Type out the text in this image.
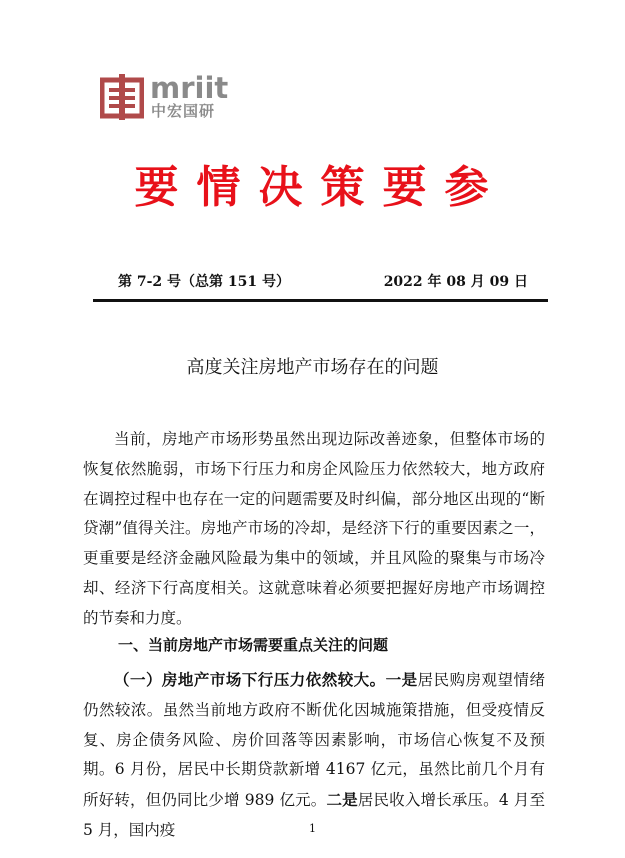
mriit
中宏国研
要情决策要参
第 7-2 号（总第 151 号）	2022 年 08 月 09 日
高度关注房地产市场存在的问题

当前，房地产市场形势虽然出现边际改善迹象，但整体市场的恢复依然脆弱，市场下行压力和房企风险压力依然较大，地方政府在调控过程中也存在一定的问题需要及时纠偏，部分地区出现的“断贷潮”值得关注。房地产市场的冷却，是经济下行的重要因素之一，更重要是经济金融风险最为集中的领域，并且风险的聚集与市场冷却、经济下行高度相关。这就意味着必须要把握好房地产市场调控的节奏和力度。

一、当前房地产市场需要重点关注的问题

（一）房地产市场下行压力依然较大。一是居民购房观望情绪仍然较浓。虽然当前地方政府不断优化因城施策措施，但受疫情反复、房企债务风险、房价回落等因素影响，市场信心恢复不及预期。6 月份，居民中长期贷款新增 4167 亿元，虽然比前几个月有所好转，但仍同比少增 989 亿元。二是居民收入增长承压。4 月至 5 月，国内疫	1
